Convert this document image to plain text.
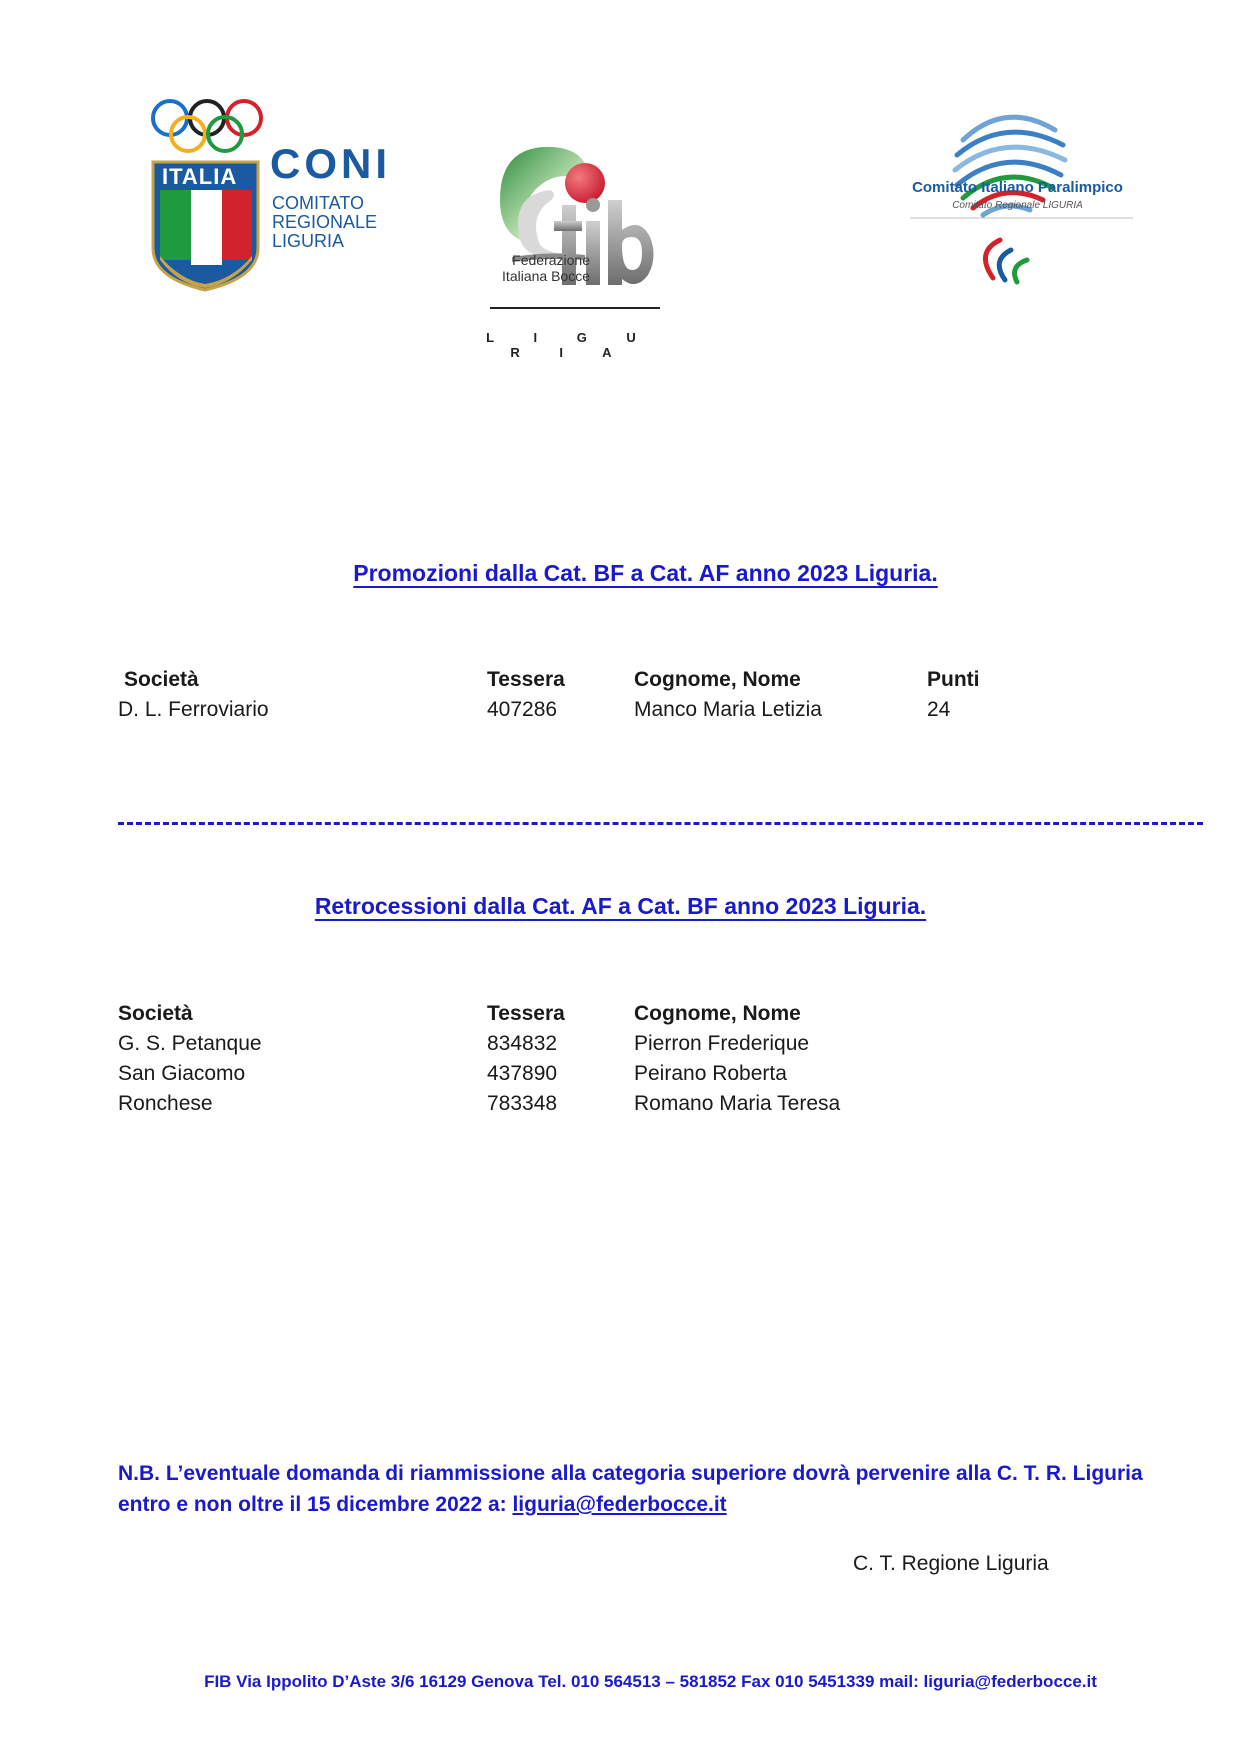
ITALIA CONI
COMITATO
REGIONALE
LIGURIA
Federazione
Italiana Bocce
L I G U R I A
Comitato Italiano Paralimpico
Comitato Regionale LIGURIA
Promozioni dalla Cat. BF a Cat. AF anno 2023 Liguria.
Società	Tessera	Cognome, Nome	Punti
D. L. Ferroviario	407286	Manco Maria Letizia	24
Retrocessioni dalla Cat. AF a Cat. BF anno 2023 Liguria.
Società	Tessera	Cognome, Nome
G. S. Petanque	834832	Pierron Frederique
San Giacomo	437890	Peirano Roberta
Ronchese	783348	Romano Maria Teresa
N.B. L’eventuale domanda di riammissione alla categoria superiore dovrà pervenire alla C. T. R. Liguria entro e non oltre il 15 dicembre 2022 a: liguria@federbocce.it
C. T. Regione Liguria
FIB Via Ippolito D’Aste 3/6 16129 Genova Tel. 010 564513 – 581852 Fax 010 5451339 mail: liguria@federbocce.it
